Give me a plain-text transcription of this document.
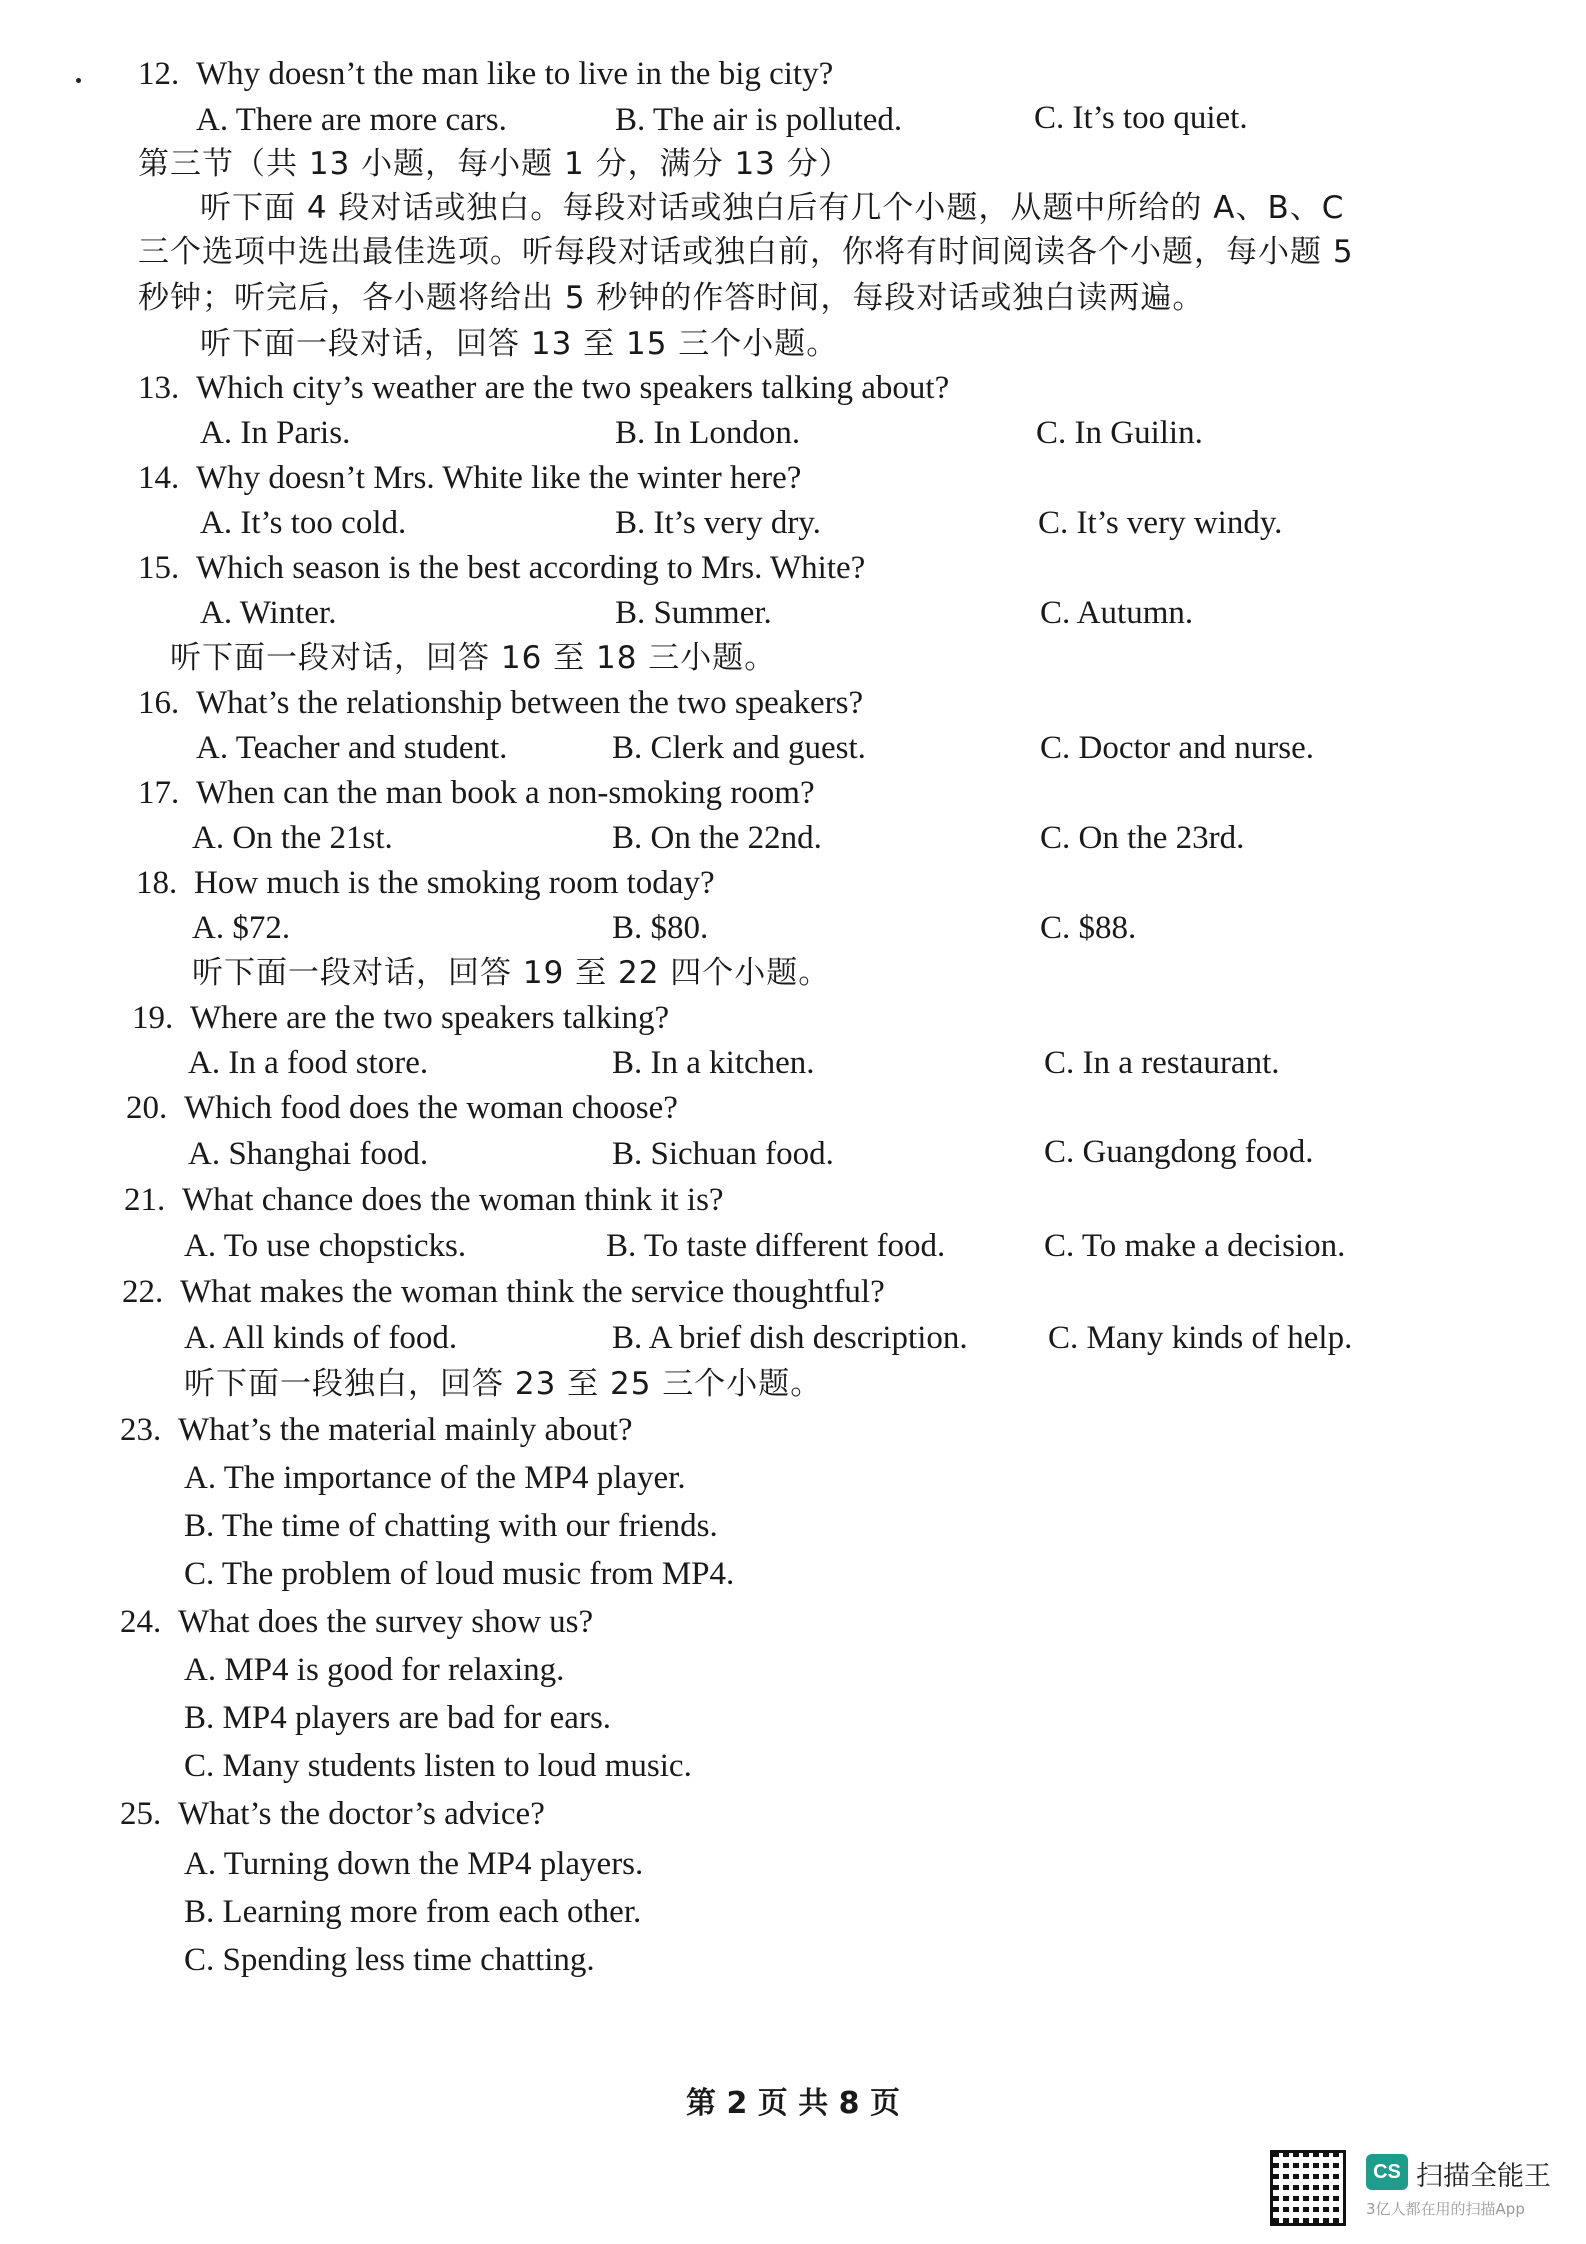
12. Why doesn’t the man like to live in the big city?
A. There are more cars.	B. The air is polluted.	C. It’s too quiet.
第三节（共 13 小题，每小题 1 分，满分 13 分）
听下面 4 段对话或独白。每段对话或独白后有几个小题，从题中所给的 A、B、C
三个选项中选出最佳选项。听每段对话或独白前，你将有时间阅读各个小题，每小题 5
秒钟；听完后，各小题将给出 5 秒钟的作答时间，每段对话或独白读两遍。
听下面一段对话，回答 13 至 15 三个小题。
13. Which city’s weather are the two speakers talking about?
A. In Paris.	B. In London.	C. In Guilin.
14. Why doesn’t Mrs. White like the winter here?
A. It’s too cold.	B. It’s very dry.	C. It’s very windy.
15. Which season is the best according to Mrs. White?
A. Winter.	B. Summer.	C. Autumn.
听下面一段对话，回答 16 至 18 三小题。
16. What’s the relationship between the two speakers?
A. Teacher and student.	B. Clerk and guest.	C. Doctor and nurse.
17. When can the man book a non-smoking room?
A. On the 21st.	B. On the 22nd.	C. On the 23rd.
18. How much is the smoking room today?
A. $72.	B. $80.	C. $88.
听下面一段对话，回答 19 至 22 四个小题。
19. Where are the two speakers talking?
A. In a food store.	B. In a kitchen.	C. In a restaurant.
20. Which food does the woman choose?
A. Shanghai food.	B. Sichuan food.	C. Guangdong food.
21. What chance does the woman think it is?
A. To use chopsticks.	B. To taste different food.	C. To make a decision.
22. What makes the woman think the service thoughtful?
A. All kinds of food.	B. A brief dish description. C. Many kinds of help.
听下面一段独白，回答 23 至 25 三个小题。
23. What’s the material mainly about?
A. The importance of the MP4 player.
B. The time of chatting with our friends.
C. The problem of loud music from MP4.
24. What does the survey show us?
A. MP4 is good for relaxing.
B. MP4 players are bad for ears.
C. Many students listen to loud music.
25. What’s the doctor’s advice?
A. Turning down the MP4 players.
B. Learning more from each other.
C. Spending less time chatting.
第 2 页 共 8 页
CS 扫描全能王
3亿人都在用的扫描App
